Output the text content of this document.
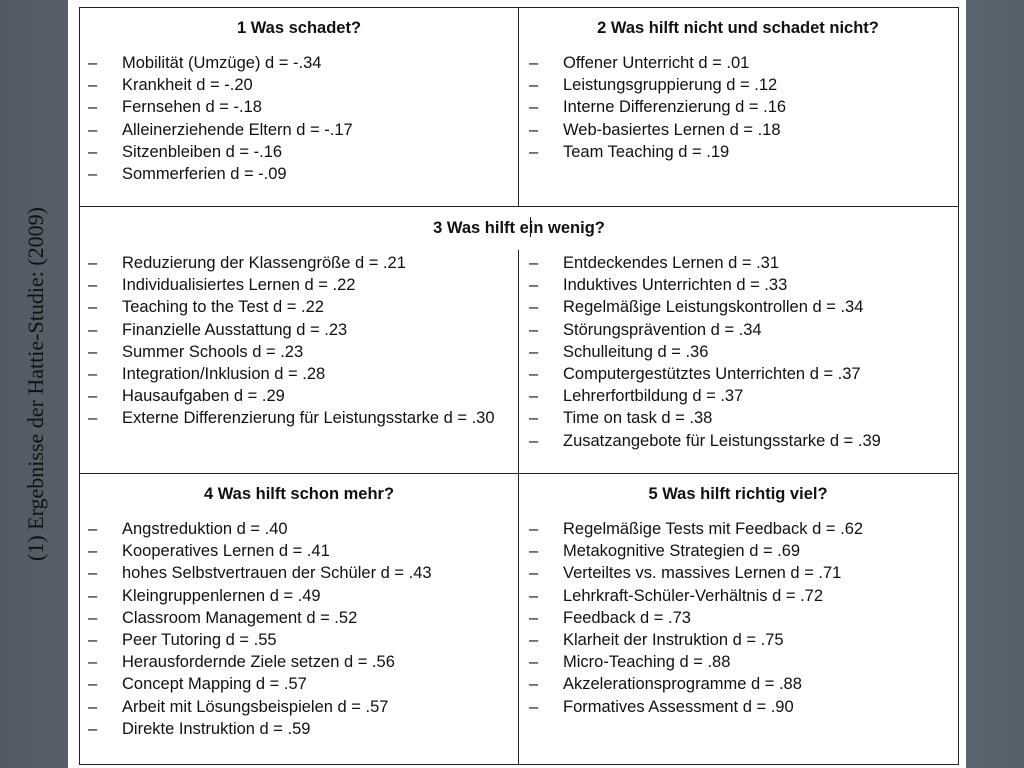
(1) Ergebnisse der Hattie-Studie: (2009)
1 Was schadet?
– Mobilität (Umzüge) d = -.34
– Krankheit d = -.20
– Fernsehen d = -.18
– Alleinerziehende Eltern d = -.17
– Sitzenbleiben d = -.16
– Sommerferien d = -.09
2 Was hilft nicht und schadet nicht?
– Offener Unterricht d = .01
– Leistungsgruppierung d = .12
– Interne Differenzierung d = .16
– Web-basiertes Lernen d = .18
– Team Teaching d = .19
3 Was hilft ein wenig?
– Reduzierung der Klassengröße d = .21
– Individualisiertes Lernen d = .22
– Teaching to the Test d = .22
– Finanzielle Ausstattung d = .23
– Summer Schools d = .23
– Integration/Inklusion d = .28
– Hausaufgaben d = .29
– Externe Differenzierung für Leistungsstarke d = .30
– Entdeckendes Lernen d = .31
– Induktives Unterrichten d = .33
– Regelmäßige Leistungskontrollen d = .34
– Störungsprävention d = .34
– Schulleitung d = .36
– Computergestütztes Unterrichten d = .37
– Lehrerfortbildung d = .37
– Time on task d = .38
– Zusatzangebote für Leistungsstarke d = .39
4 Was hilft schon mehr?
– Angstreduktion d = .40
– Kooperatives Lernen d = .41
– hohes Selbstvertrauen der Schüler d = .43
– Kleingruppenlernen d = .49
– Classroom Management d = .52
– Peer Tutoring d = .55
– Herausfordernde Ziele setzen d = .56
– Concept Mapping d = .57
– Arbeit mit Lösungsbeispielen d = .57
– Direkte Instruktion d = .59
5 Was hilft richtig viel?
– Regelmäßige Tests mit Feedback d = .62
– Metakognitive Strategien d = .69
– Verteiltes vs. massives Lernen d = .71
– Lehrkraft-Schüler-Verhältnis d = .72
– Feedback d = .73
– Klarheit der Instruktion d = .75
– Micro-Teaching d = .88
– Akzelerationsprogramme d = .88
– Formatives Assessment d = .90
